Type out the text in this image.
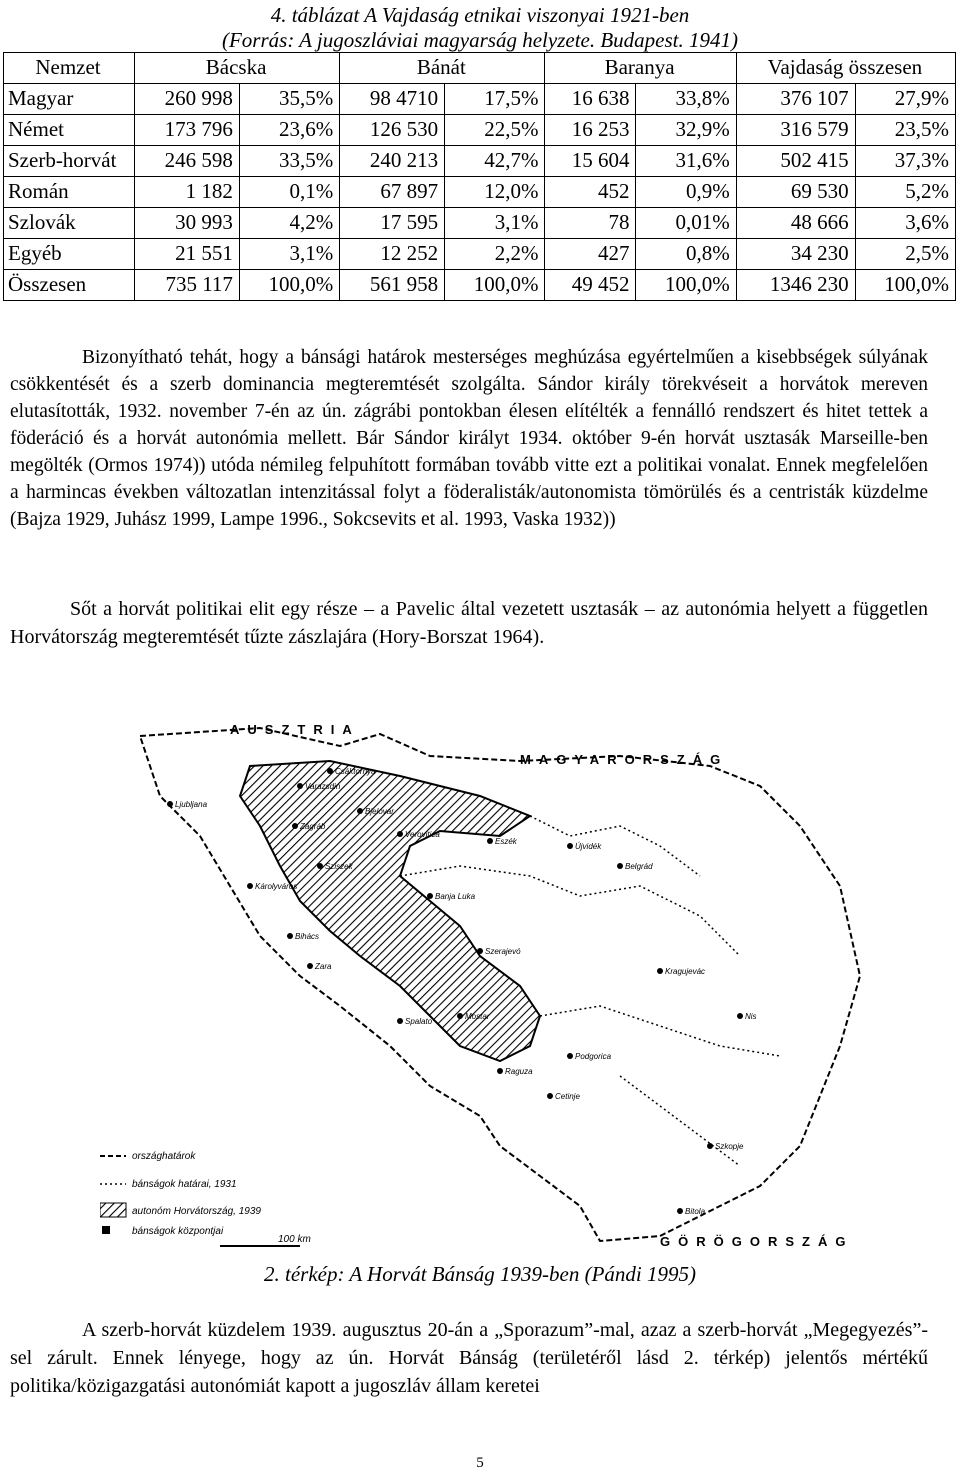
4. táblázat A Vajdaság etnikai viszonyai 1921-ben
(Forrás: A jugoszláviai magyarság helyzete. Budapest. 1941)
Nemzet	Bácska		Bánát		Baranya		Vajdaság összesen	
Magyar	260 998	35,5%	98 4710	17,5%	16 638	33,8%	376 107	27,9%
Német	173 796	23,6%	126 530	22,5%	16 253	32,9%	316 579	23,5%
Szerb-horvát	246 598	33,5%	240 213	42,7%	15 604	31,6%	502 415	37,3%
Román	1 182	0,1%	67 897	12,0%	452	0,9%	69 530	5,2%
Szlovák	30 993	4,2%	17 595	3,1%	78	0,01%	48 666	3,6%
Egyéb	21 551	3,1%	12 252	2,2%	427	0,8%	34 230	2,5%
Összesen	735 117	100,0%	561 958	100,0%	49 452	100,0%	1346 230	100,0%
Bizonyítható tehát, hogy a bánsági határok mesterséges meghúzása egyértelműen a kisebbségek súlyának csökkentését és a szerb dominancia megteremtését szolgálta. Sándor király törekvéseit a horvátok mereven elutasították, 1932. november 7-én az ún. zágrábi pontokban élesen elítélték a fennálló rendszert és hitet tettek a föderáció és a horvát autonómia mellett. Bár Sándor királyt 1934. október 9-én horvát usztasák Marseille-ben megölték (Ormos 1974)) utóda némileg felpuhított formában tovább vitte ezt a politikai vonalat. Ennek megfelelően a harmincas években változatlan intenzitással folyt a föderalisták/autonomista tömörülés és a centristák küzdelme (Bajza 1929, Juhász 1999, Lampe 1996., Sokcsevits et al. 1993, Vaska 1932))
Sőt a horvát politikai elit egy része – a Pavelic által vezetett usztasák – az autonómia helyett a független Horvátország megteremtését tűzte zászlajára (Hory-Borszat 1964).
AUSZTRIA
MAGYARORSZÁG
GÖRÖGORSZÁG
Ljubljana
Zágráb
Varazsdin
Csáktornya
Bjelovar
Verovitica
Eszék
Újvidék
Belgrád
Károlyváros
Sziszek
Banja Luka
Bihács
Zara
Szerajevó
Spalato
Mostar
Raguza
Cetinje
Podgorica
Kragujevác
Nis
Szkopje
Bitola
országhatárok
bánságok határai, 1931
autonóm Horvátország, 1939
bánságok központjai
100 km
2. térkép: A Horvát Bánság 1939-ben (Pándi 1995)
A szerb-horvát küzdelem 1939. augusztus 20-án a „Sporazum”-mal, azaz a szerb-horvát „Megegyezés”-sel zárult. Ennek lényege, hogy az ún. Horvát Bánság (területéről lásd 2. térkép) jelentős mértékű politika/közigazgatási autonómiát kapott a jugoszláv állam keretei
5
